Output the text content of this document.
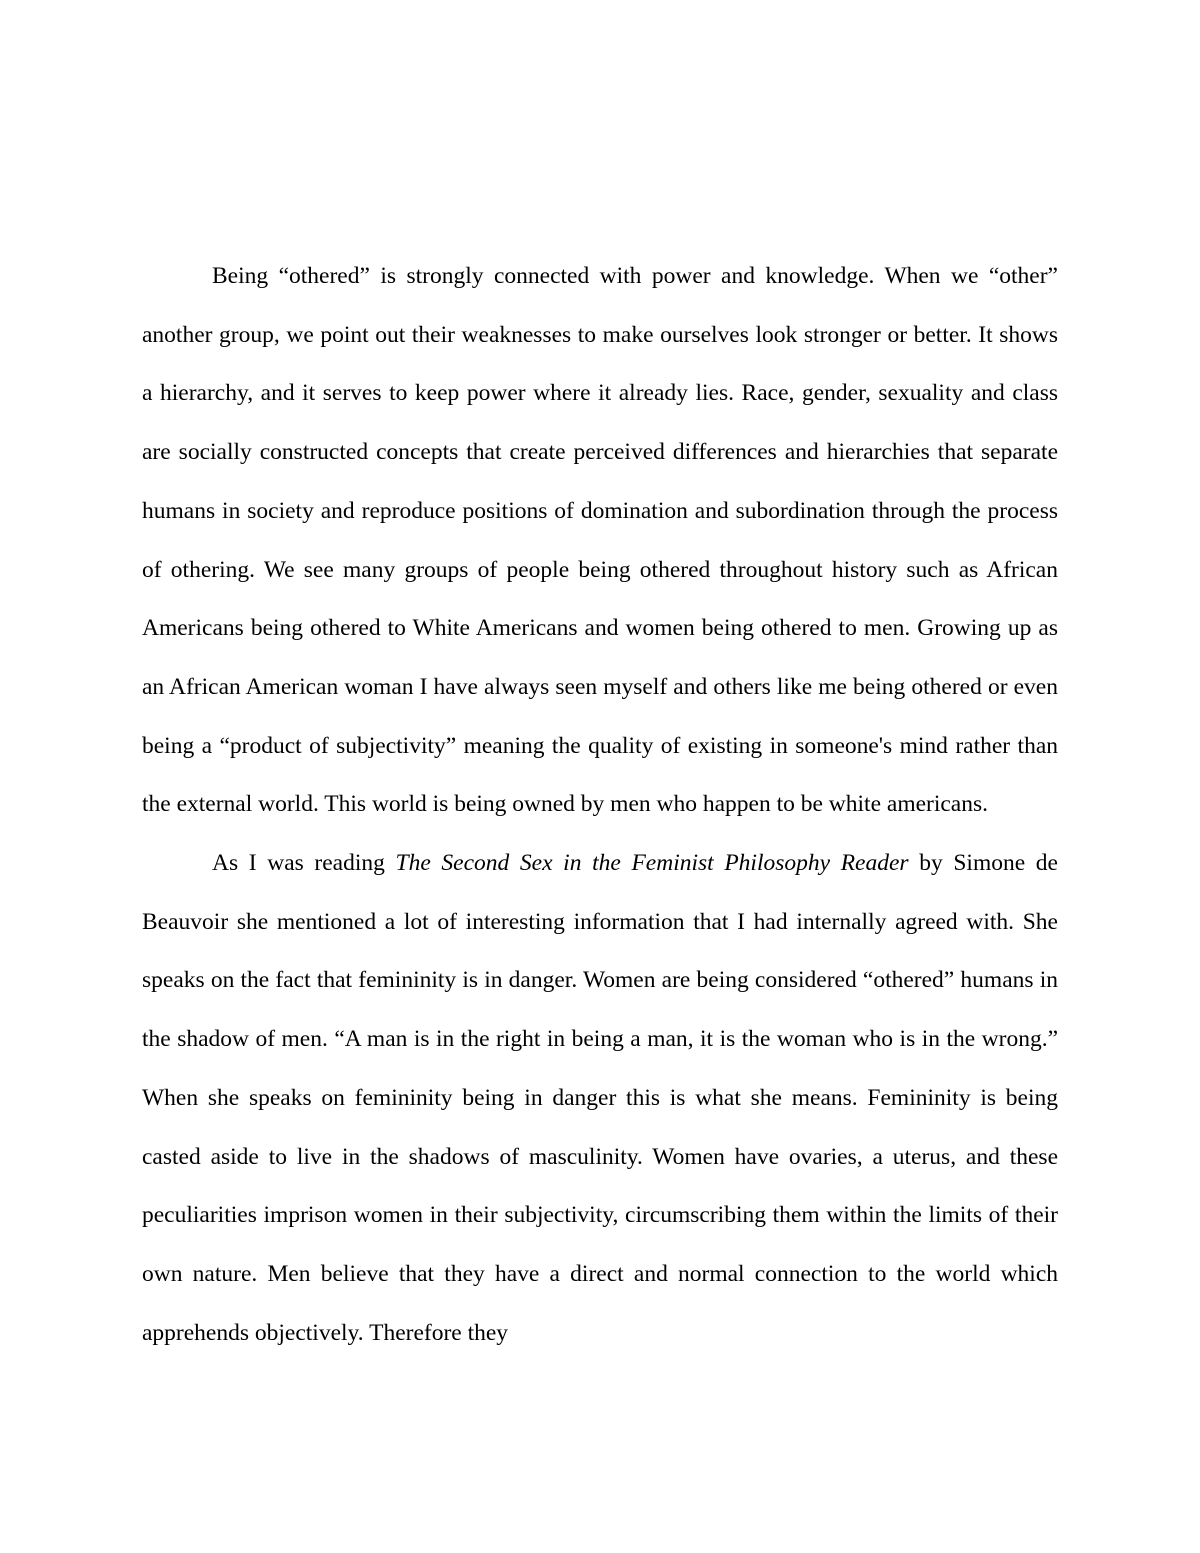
Being “othered” is strongly connected with power and knowledge. When we “other” another group, we point out their weaknesses to make ourselves look stronger or better. It shows a hierarchy, and it serves to keep power where it already lies. Race, gender, sexuality and class are socially constructed concepts that create perceived differences and hierarchies that separate humans in society and reproduce positions of domination and subordination through the process of othering. We see many groups of people being othered throughout history such as African Americans being othered to White Americans and women being othered to men. Growing up as an African American woman I have always seen myself and others like me being othered or even being a “product of subjectivity” meaning the quality of existing in someone's mind rather than the external world. This world is being owned by men who happen to be white americans.

As I was reading The Second Sex in the Feminist Philosophy Reader by Simone de Beauvoir she mentioned a lot of interesting information that I had internally agreed with. She speaks on the fact that femininity is in danger. Women are being considered “othered” humans in the shadow of men. “A man is in the right in being a man, it is the woman who is in the wrong.” When she speaks on femininity being in danger this is what she means. Femininity is being casted aside to live in the shadows of masculinity. Women have ovaries, a uterus, and these peculiarities imprison women in their subjectivity, circumscribing them within the limits of their own nature. Men believe that they have a direct and normal connection to the world which apprehends objectively. Therefore they
